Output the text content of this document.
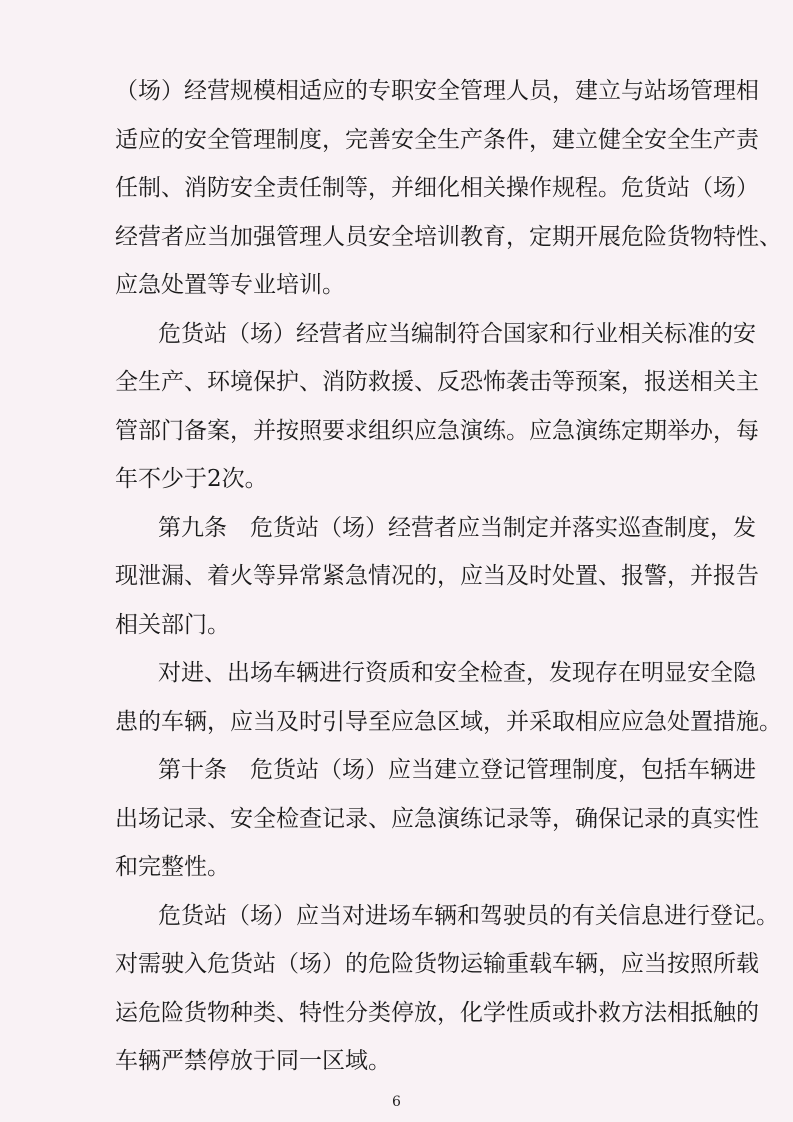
（场）经营规模相适应的专职安全管理人员，建立与站场管理相
适应的安全管理制度，完善安全生产条件，建立健全安全生产责
任制、消防安全责任制等，并细化相关操作规程。危货站（场）
经营者应当加强管理人员安全培训教育，定期开展危险货物特性、
应急处置等专业培训。
危货站（场）经营者应当编制符合国家和行业相关标准的安
全生产、环境保护、消防救援、反恐怖袭击等预案，报送相关主
管部门备案，并按照要求组织应急演练。应急演练定期举办，每
年不少于2次。
第九条　危货站（场）经营者应当制定并落实巡查制度，发
现泄漏、着火等异常紧急情况的，应当及时处置、报警，并报告
相关部门。
对进、出场车辆进行资质和安全检查，发现存在明显安全隐
患的车辆，应当及时引导至应急区域，并采取相应应急处置措施。
第十条　危货站（场）应当建立登记管理制度，包括车辆进
出场记录、安全检查记录、应急演练记录等，确保记录的真实性
和完整性。
危货站（场）应当对进场车辆和驾驶员的有关信息进行登记。
对需驶入危货站（场）的危险货物运输重载车辆，应当按照所载
运危险货物种类、特性分类停放，化学性质或扑救方法相抵触的
车辆严禁停放于同一区域。
6
